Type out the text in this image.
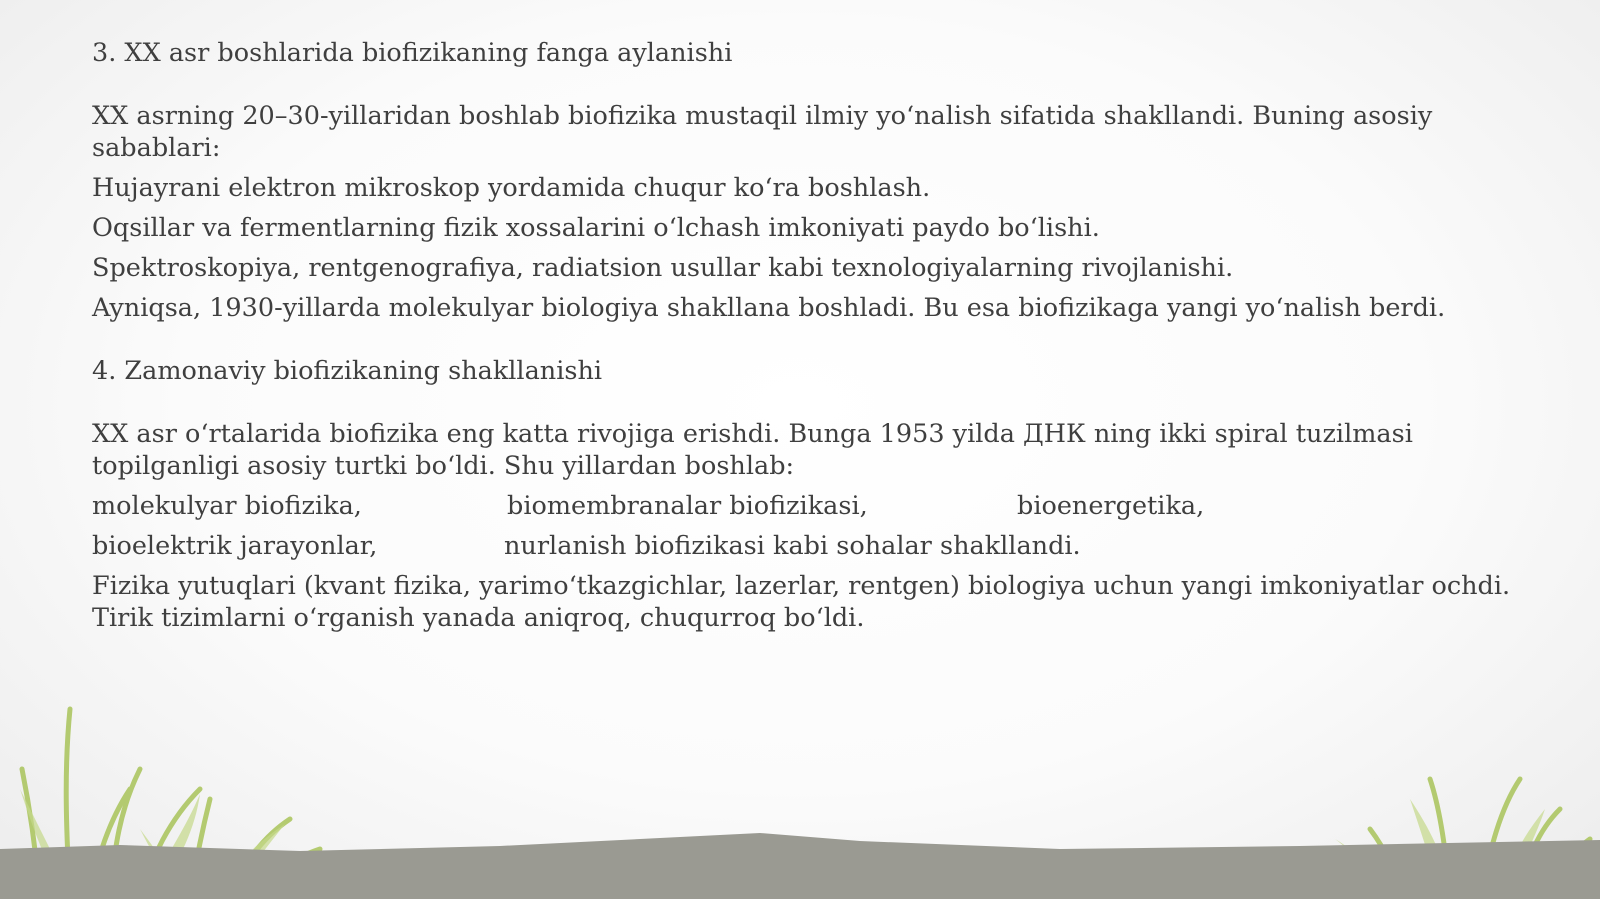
3. XX asr boshlarida biofizikaning fanga aylanishi

XX asrning 20–30-yillaridan boshlab biofizika mustaqil ilmiy yo‘nalish sifatida shakllandi. Buning asosiy sabablari:

Hujayrani elektron mikroskop yordamida chuqur ko‘ra boshlash.

Oqsillar va fermentlarning fizik xossalarini o‘lchash imkoniyati paydo bo‘lishi.

Spektroskopiya, rentgenografiya, radiatsion usullar kabi texnologiyalarning rivojlanishi.

Ayniqsa, 1930-yillarda molekulyar biologiya shakllana boshladi. Bu esa biofizikaga yangi yo‘nalish berdi.

4. Zamonaviy biofizikaning shakllanishi

XX asr o‘rtalarida biofizika eng katta rivojiga erishdi. Bunga 1953 yilda ДНК ning ikki spiral tuzilmasi topilganligi asosiy turtki bo‘ldi. Shu yillardan boshlab:

molekulyar biofizika,	biomembranalar biofizikasi,	bioenergetika,
bioelektrik jarayonlar,	nurlanish biofizikasi kabi sohalar shakllandi.

Fizika yutuqlari (kvant fizika, yarimo‘tkazgichlar, lazerlar, rentgen) biologiya uchun yangi imkoniyatlar ochdi. Tirik tizimlarni o‘rganish yanada aniqroq, chuqurroq bo‘ldi.
